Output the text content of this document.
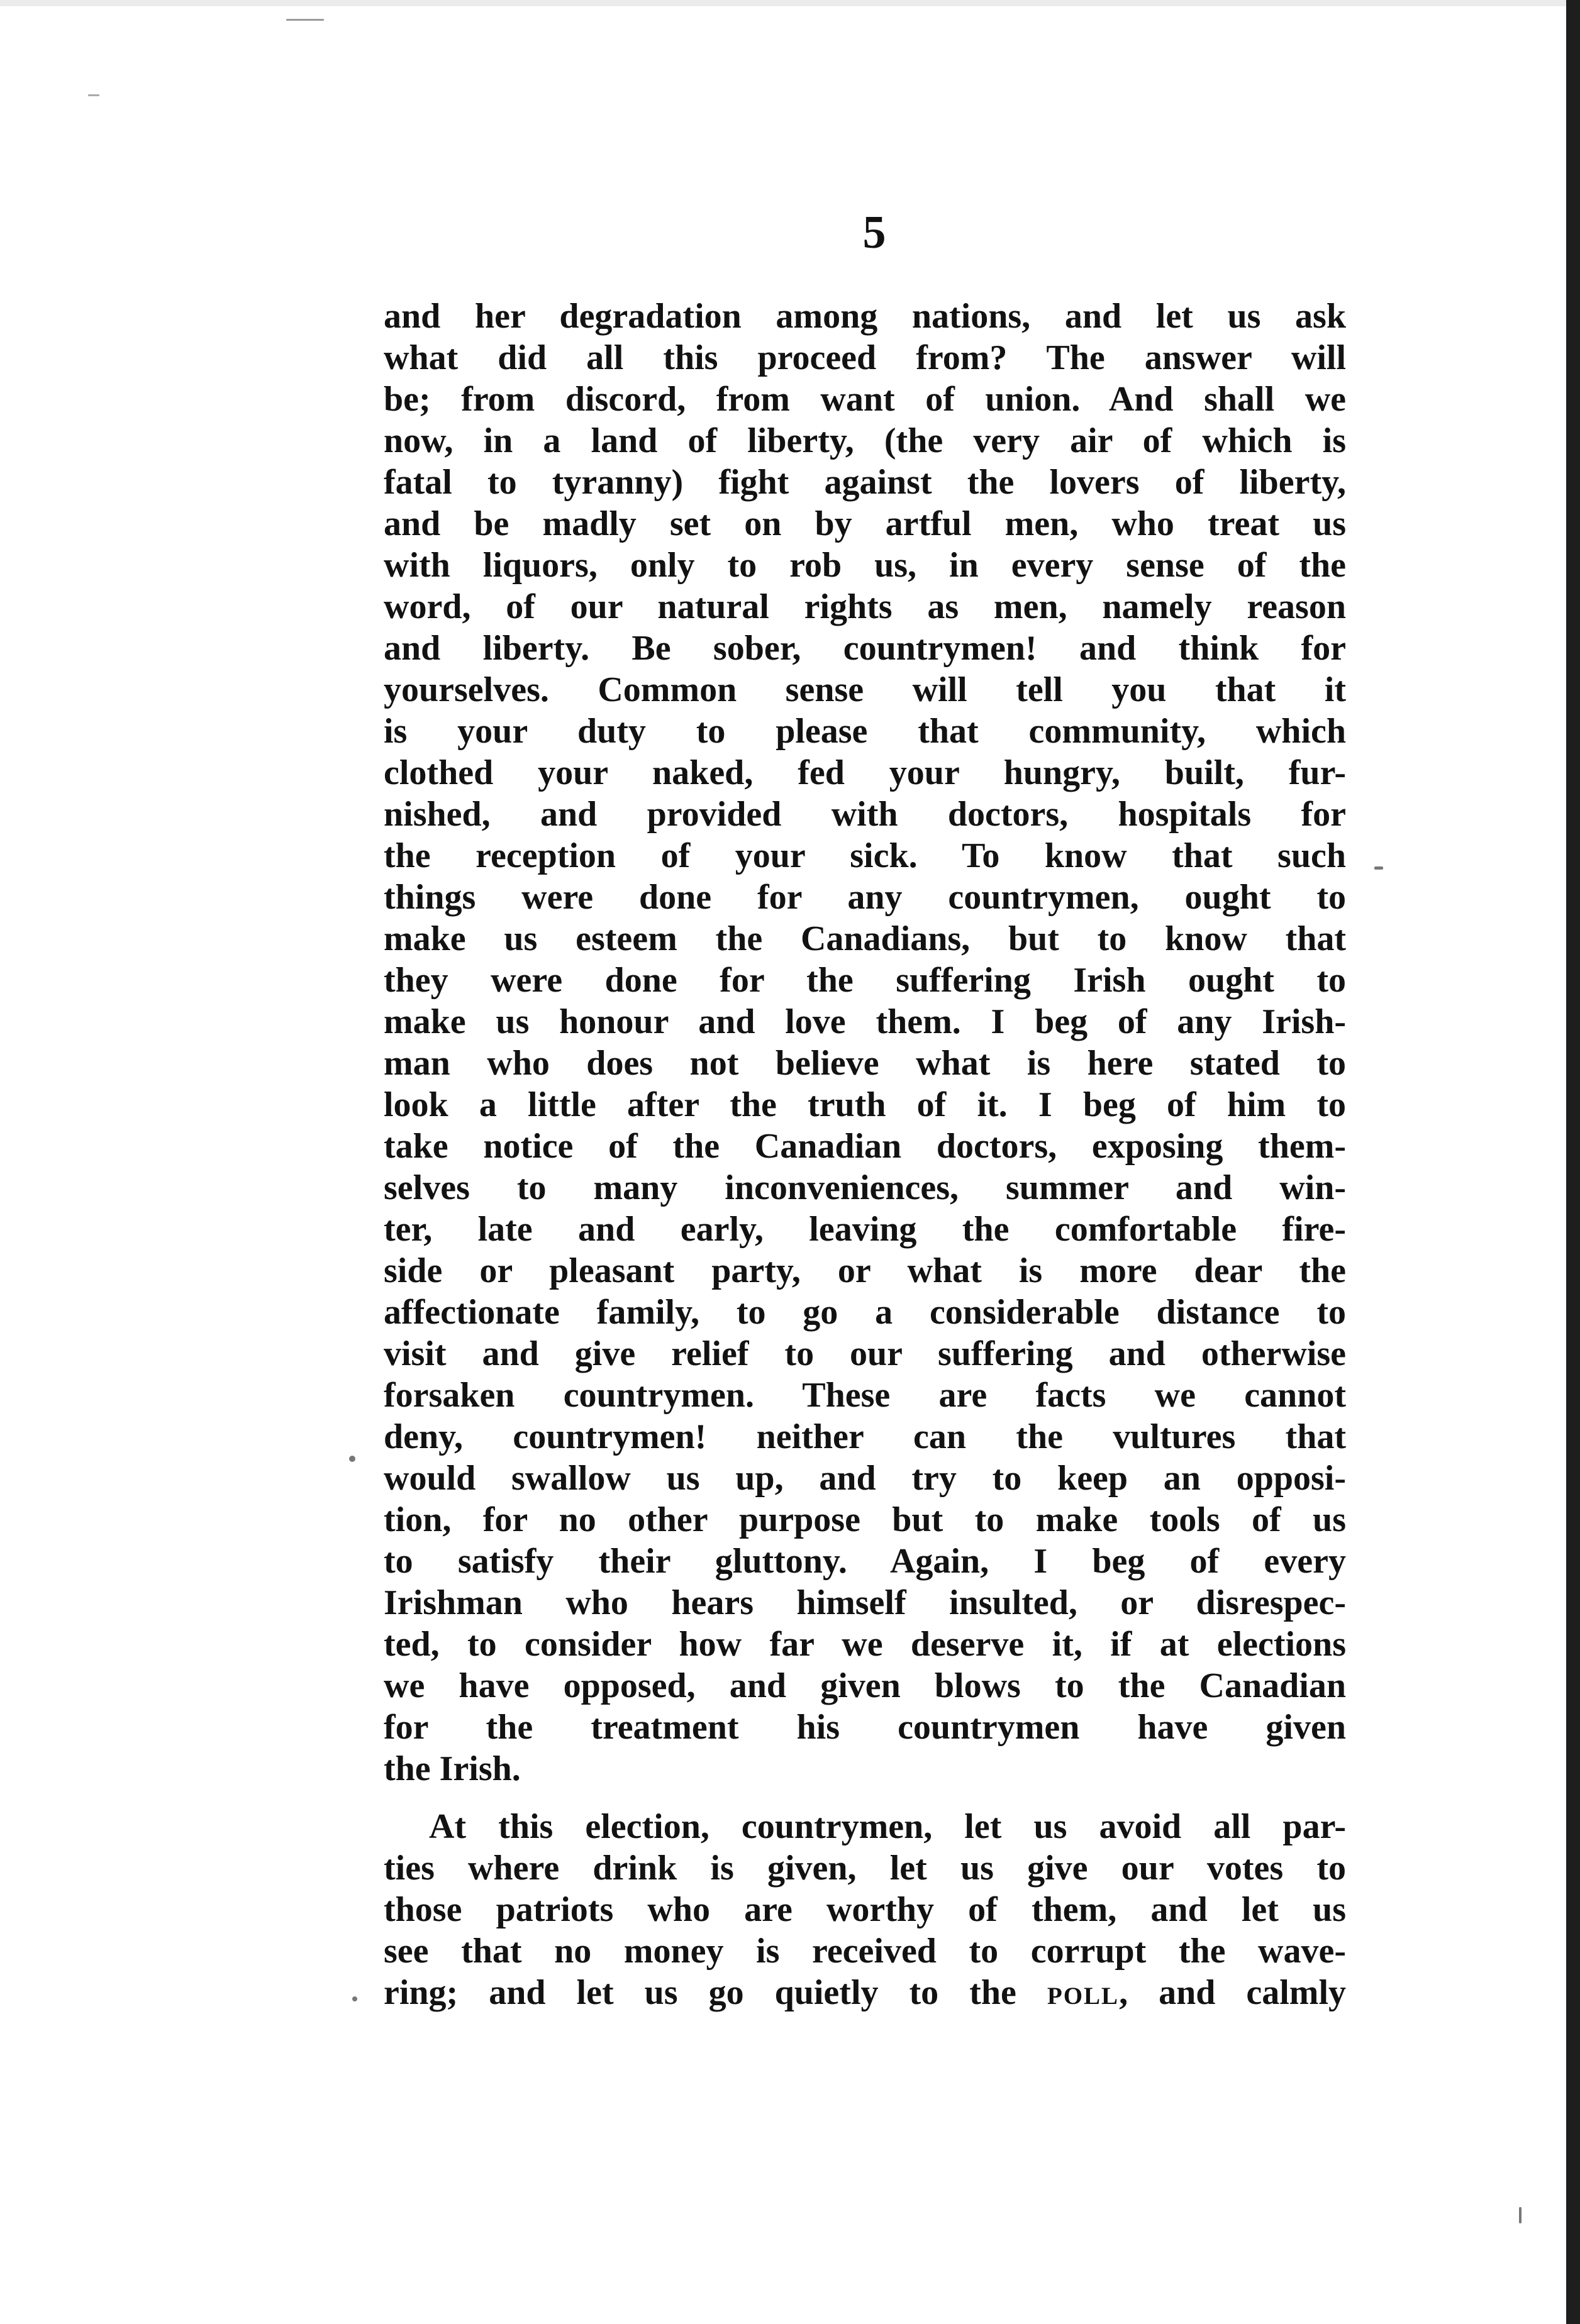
5
and her degradation among nations, and let us ask
what did all this proceed from? The answer will
be; from discord, from want of union. And shall we
now, in a land of liberty, (the very air of which is
fatal to tyranny) fight against the lovers of liberty,
and be madly set on by artful men, who treat us
with liquors, only to rob us, in every sense of the
word, of our natural rights as men, namely reason
and liberty. Be sober, countrymen! and think for
yourselves. Common sense will tell you that it
is your duty to please that community, which
clothed your naked, fed your hungry, built, fur-
nished, and provided with doctors, hospitals for
the reception of your sick. To know that such
things were done for any countrymen, ought to
make us esteem the Canadians, but to know that
they were done for the suffering Irish ought to
make us honour and love them. I beg of any Irish-
man who does not believe what is here stated to
look a little after the truth of it. I beg of him to
take notice of the Canadian doctors, exposing them-
selves to many inconveniences, summer and win-
ter, late and early, leaving the comfortable fire-
side or pleasant party, or what is more dear the
affectionate family, to go a considerable distance to
visit and give relief to our suffering and otherwise
forsaken countrymen. These are facts we cannot
deny, countrymen! neither can the vultures that
would swallow us up, and try to keep an opposi-
tion, for no other purpose but to make tools of us
to satisfy their gluttony. Again, I beg of every
Irishman who hears himself insulted, or disrespec-
ted, to consider how far we deserve it, if at elections
we have opposed, and given blows to the Canadian
for the treatment his countrymen have given
the Irish.
At this election, countrymen, let us avoid all par-
ties where drink is given, let us give our votes to
those patriots who are worthy of them, and let us
see that no money is received to corrupt the wave-
ring; and let us go quietly to the poll, and calmly
